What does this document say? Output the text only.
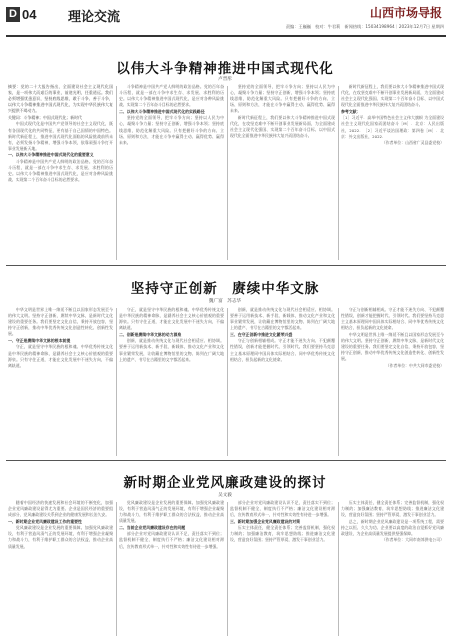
D 04 理论交流	山西市场导报
责编：王巍巍　校对：牛君莉　新闻热线：15034198964｜2023年12月7日 星期四
以伟大斗争精神推进中国式现代化
卢晋彤

摘要：党的二十大报告指出，全面建设社会主义现代化国家，是一项伟大而艰巨的事业，前途光明，任重道远。我们必须增强忧患意识，坚持底线思维，敢于斗争、善于斗争，以伟大斗争精神推进中国式现代化，为实现中华民族伟大复兴提供不竭动力。

关键词：斗争精神；中国式现代化；新时代

中国式现代化是中国共产党领导的社会主义现代化，既有各国现代化的共同特征，更有基于自己国情的中国特色。新时代新征程上，推进中国式现代化面临的风险挑战前所未有，必须发扬斗争精神，增强斗争本领，依靠顽强斗争打开事业发展新天地。

一、以伟大斗争精神推进中国式现代化的重要意义

斗争精神是中国共产党人鲜明的政治品格。党的百年奋斗历程，就是一部在斗争中求生存、求发展、求胜利的历史。以伟大斗争精神推进中国式现代化，是应对各种风险挑战、实现第二个百年奋斗目标的必然要求。

斗争精神是中国共产党人鲜明的政治品格。党的百年奋斗历程，就是一部在斗争中求生存、求发展、求胜利的历史。以伟大斗争精神推进中国式现代化，是应对各种风险挑战、实现第二个百年奋斗目标的必然要求。

二、以伟大斗争精神推进中国式现代化的实践路径

坚持党的全面领导，把牢斗争方向；坚持以人民为中心，凝聚斗争力量；坚持守正创新，增强斗争本领；坚持底线思维，防范化解重大风险。只有把握好斗争的方向、立场、原则和方法，才能在斗争中赢得主动、赢得优势、赢得未来。

坚持党的全面领导，把牢斗争方向；坚持以人民为中心，凝聚斗争力量；坚持守正创新，增强斗争本领；坚持底线思维，防范化解重大风险。只有把握好斗争的方向、立场、原则和方法，才能在斗争中赢得主动、赢得优势、赢得未来。

新时代新征程上，我们要以伟大斗争精神推进中国式现代化，在攻坚克难中不断开创事业发展新局面，为全面建成社会主义现代化强国、实现第二个百年奋斗目标、以中国式现代化全面推进中华民族伟大复兴而团结奋斗。

新时代新征程上，我们要以伟大斗争精神推进中国式现代化，在攻坚克难中不断开创事业发展新局面，为全面建成社会主义现代化强国、实现第二个百年奋斗目标、以中国式现代化全面推进中华民族伟大复兴而团结奋斗。

参考文献：

［1］习近平．高举中国特色社会主义伟大旗帜 为全面建设社会主义现代化国家而团结奋斗［M］．北京：人民出版社，2022．［2］习近平谈治国理政：第四卷［M］．北京：外文出版社，2022．

（作者单位：山西省广灵县委党校）

坚持守正创新　赓续中华文脉
魏广富　苏志华

中华文明是世界上唯一绵延不断且以国家形态发展至今的伟大文明。坚持守正创新，赓续中华文脉，是新时代文化建设的重要任务。我们要坚定文化自信，秉持开放包容，坚持守正创新，推动中华优秀传统文化创造性转化、创新性发展。

一、守正是赓续中华文脉的根本前提

守正，就是坚守中华民族的根和魂。中华优秀传统文化是中华民族的精神命脉，是涵养社会主义核心价值观的重要源泉。只有守住正道，才能在文化发展中不迷失方向，不偏离轨道。

守正，就是坚守中华民族的根和魂。中华优秀传统文化是中华民族的精神命脉，是涵养社会主义核心价值观的重要源泉。只有守住正道，才能在文化发展中不迷失方向，不偏离轨道。

二、创新是赓续中华文脉的动力源泉

创新，就是推动传统文化与现代社会相适应、相协调。要善于运用新技术、新手段、新载体，推动文化产业和文化事业繁荣发展，让收藏在博物馆里的文物、陈列在广阔大地上的遗产、书写在古籍里的文字都活起来。

创新，就是推动传统文化与现代社会相适应、相协调。要善于运用新技术、新手段、新载体，推动文化产业和文化事业繁荣发展，让收藏在博物馆里的文物、陈列在广阔大地上的遗产、书写在古籍里的文字都活起来。

三、在守正创新中推进文化繁荣兴盛

守正与创新相辅相成。守正才能不迷失方向、不犯颠覆性错误，创新才能把握时代、引领时代。我们要坚持马克思主义基本原理同中国具体实际相结合、同中华优秀传统文化相结合，担负起新的文化使命。

守正与创新相辅相成。守正才能不迷失方向、不犯颠覆性错误，创新才能把握时代、引领时代。我们要坚持马克思主义基本原理同中国具体实际相结合、同中华优秀传统文化相结合，担负起新的文化使命。

中华文明是世界上唯一绵延不断且以国家形态发展至今的伟大文明。坚持守正创新，赓续中华文脉，是新时代文化建设的重要任务。我们要坚定文化自信，秉持开放包容，坚持守正创新，推动中华优秀传统文化创造性转化、创新性发展。

（作者单位：中共大同市委党校）

新时期企业党风廉政建设的探讨
吴文毅

随着中国经济的快速发展和社会环境的不断变化，加强企业党风廉政建设显得尤为重要。企业是国民经济的重要组成部分，党风廉政建设关系到企业的健康发展和长治久安。

一、新时期企业党风廉政建设工作的重要性

党风廉政建设是企业发展的重要保障。加强党风廉政建设，有利于营造风清气正的发展环境，有利于增强企业凝聚力和战斗力，有利于维护职工群众的合法权益，推动企业高质量发展。

党风廉政建设是企业发展的重要保障。加强党风廉政建设，有利于营造风清气正的发展环境，有利于增强企业凝聚力和战斗力，有利于维护职工群众的合法权益，推动企业高质量发展。

二、当前企业党风廉政建设存在的问题

部分企业对党风廉政建设认识不足，责任落实不到位；监督机制不健全，制度执行不严格；廉洁文化建设相对滞后，宣传教育形式单一，针对性和实效性有待进一步增强。

部分企业对党风廉政建设认识不足，责任落实不到位；监督机制不健全，制度执行不严格；廉洁文化建设相对滞后，宣传教育形式单一，针对性和实效性有待进一步增强。

三、新时期加强企业党风廉政建设的对策

压实主体责任，健全责任体系；完善监督机制，强化权力制约；加强廉洁教育，筑牢思想防线；推进廉洁文化建设，营造良好氛围；坚持严管厚爱，激发干事创业活力。

压实主体责任，健全责任体系；完善监督机制，强化权力制约；加强廉洁教育，筑牢思想防线；推进廉洁文化建设，营造良好氛围；坚持严管厚爱，激发干事创业活力。

总之，新时期企业党风廉政建设是一项系统工程，需要持之以恒、久久为功。企业要以高度的政治自觉抓好党风廉政建设，为企业高质量发展提供坚强保障。

（作者单位：大同市南郊供电公司）
